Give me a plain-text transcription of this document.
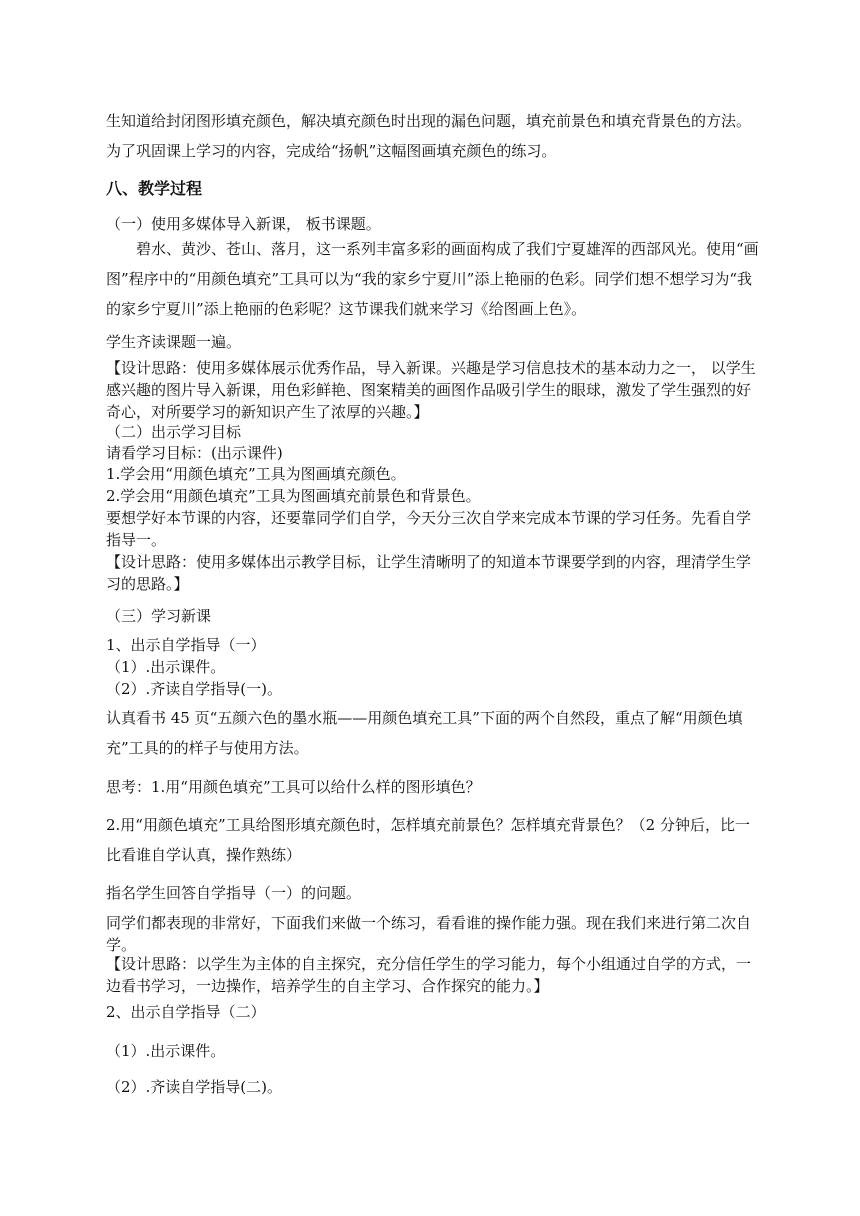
生知道给封闭图形填充颜色，解决填充颜色时出现的漏色问题，填充前景色和填充背景色的方法。为了巩固课上学习的内容，完成给“扬帆”这幅图画填充颜色的练习。

八、教学过程

（一）使用多媒体导入新课， 板书课题。

碧水、黄沙、苍山、落月，这一系列丰富多彩的画面构成了我们宁夏雄浑的西部风光。使用“画图”程序中的“用颜色填充”工具可以为“我的家乡宁夏川”添上艳丽的色彩。同学们想不想学习为“我的家乡宁夏川”添上艳丽的色彩呢？这节课我们就来学习《给图画上色》。

学生齐读课题一遍。

【设计思路：使用多媒体展示优秀作品，导入新课。兴趣是学习信息技术的基本动力之一， 以学生感兴趣的图片导入新课，用色彩鲜艳、图案精美的画图作品吸引学生的眼球，激发了学生强烈的好奇心，对所要学习的新知识产生了浓厚的兴趣。】

（二）出示学习目标

请看学习目标：(出示课件)

1.学会用“用颜色填充”工具为图画填充颜色。

2.学会用“用颜色填充”工具为图画填充前景色和背景色。

要想学好本节课的内容，还要靠同学们自学，今天分三次自学来完成本节课的学习任务。先看自学指导一。

【设计思路：使用多媒体出示教学目标，让学生清晰明了的知道本节课要学到的内容，理清学生学习的思路。】

（三）学习新课

1、出示自学指导（一）

（1）.出示课件。

（2）.齐读自学指导(一)。

认真看书 45 页“五颜六色的墨水瓶——用颜色填充工具”下面的两个自然段，重点了解“用颜色填充”工具的的样子与使用方法。

思考：1.用“用颜色填充”工具可以给什么样的图形填色？

2.用“用颜色填充”工具给图形填充颜色时，怎样填充前景色？怎样填充背景色？（2 分钟后，比一比看谁自学认真，操作熟练）

指名学生回答自学指导（一）的问题。

同学们都表现的非常好，下面我们来做一个练习，看看谁的操作能力强。现在我们来进行第二次自学。

【设计思路：以学生为主体的自主探究，充分信任学生的学习能力，每个小组通过自学的方式，一边看书学习，一边操作，培养学生的自主学习、合作探究的能力。】

2、出示自学指导（二）

（1）.出示课件。

（2）.齐读自学指导(二)。
